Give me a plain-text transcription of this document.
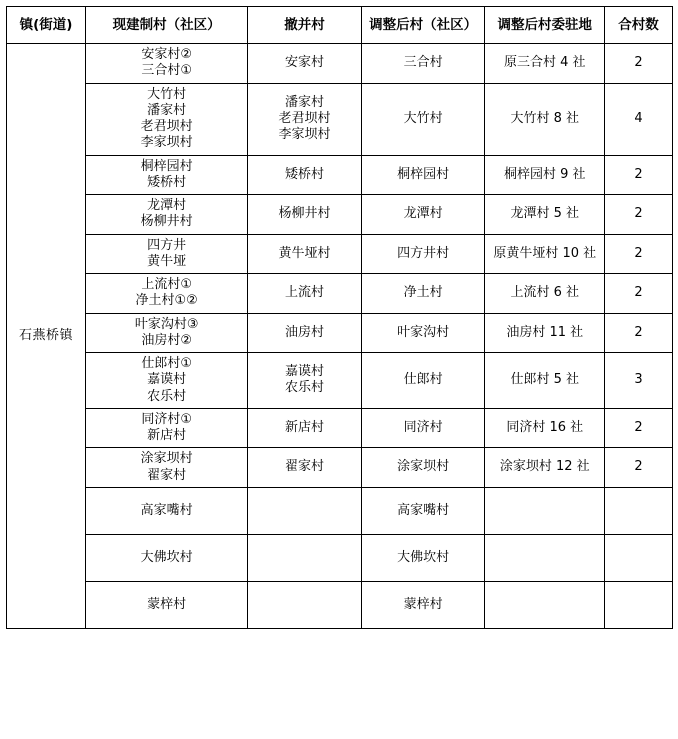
镇(街道)	现建制村（社区）	撤并村	调整后村（社区）	调整后村委驻地	合村数
石燕桥镇	安家村②
三合村①	安家村	三合村	原三合村 4 社	2

	大竹村
潘家村
老君坝村
李家坝村	潘家村
老君坝村
李家坝村	大竹村	大竹村 8 社	4

	桐梓园村
矮桥村	矮桥村	桐梓园村	桐梓园村 9 社	2

	龙潭村
杨柳井村	杨柳井村	龙潭村	龙潭村 5 社	2

	四方井
黄牛垭	黄牛垭村	四方井村	原黄牛垭村 10 社	2

	上流村①
净土村①②	上流村	净土村	上流村 6 社	2

	叶家沟村③
油房村②	油房村	叶家沟村	油房村 11 社	2

	仕郎村①
嘉谟村
农乐村	嘉谟村
农乐村	仕郎村	仕郎村 5 社	3

	同济村①
新店村	新店村	同济村	同济村 16 社	2

	涂家坝村
翟家村	翟家村	涂家坝村	涂家坝村 12 社	2

	高家嘴村		高家嘴村		

	大佛坎村		大佛坎村		

	蒙梓村		蒙梓村		
